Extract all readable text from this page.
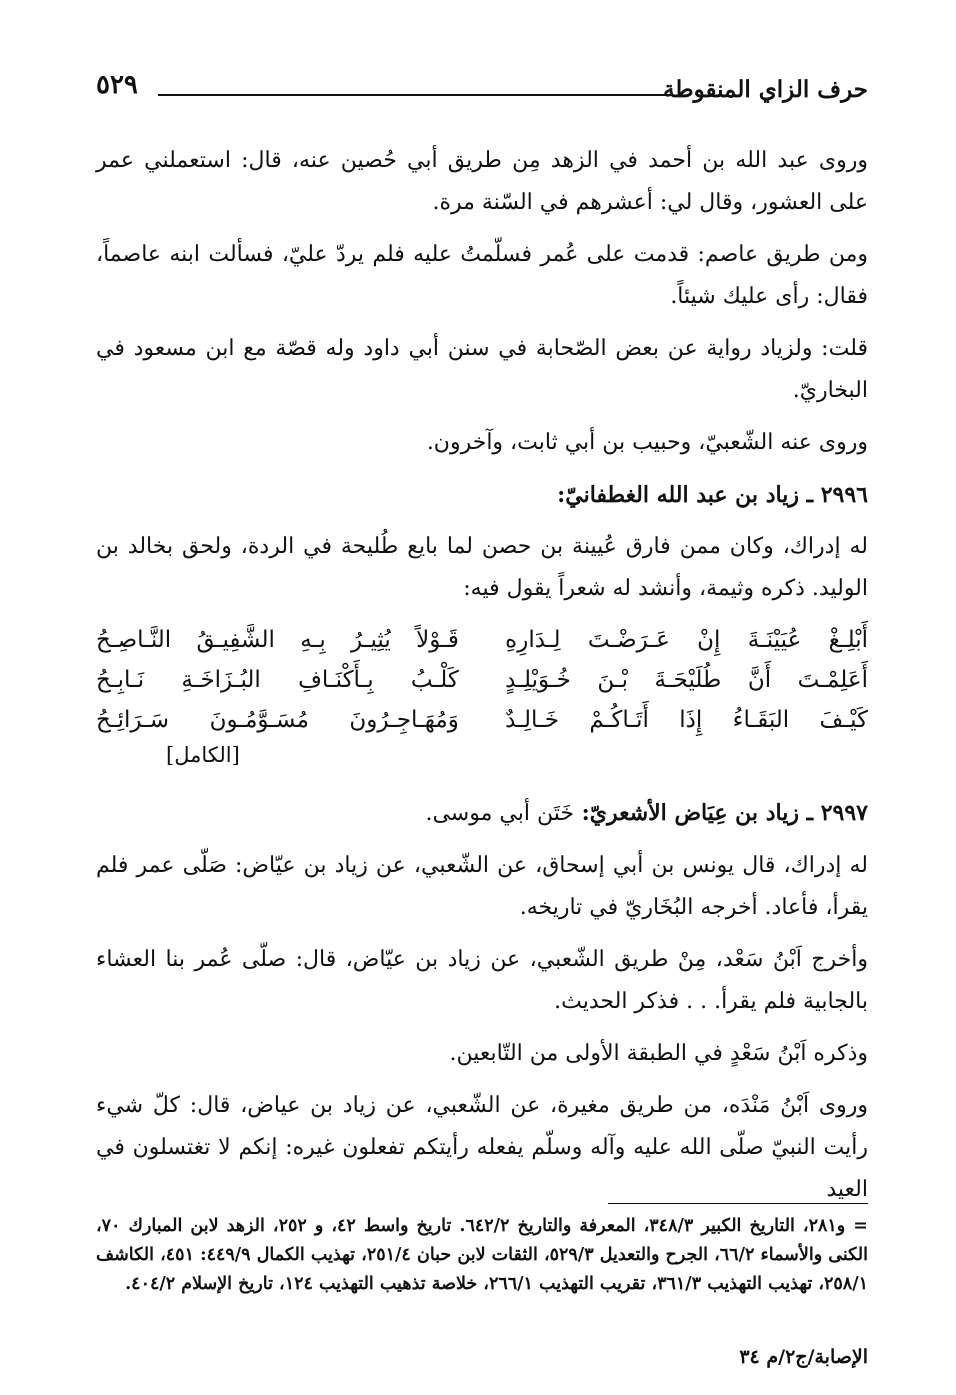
حرف الزاي المنقوطة
٥٢٩

وروى عبد الله بن أحمد في الزهد مِن طريق أبي حُصين عنه، قال: استعملني عمر على العشور، وقال لي: أعشرهم في السّنة مرة.

ومن طريق عاصم: قدمت على عُمر فسلّمتُ عليه فلم يردّ عليّ، فسألت ابنه عاصماً، فقال: رأى عليك شيئاً.

قلت: ولزياد رواية عن بعض الصّحابة في سنن أبي داود وله قصّة مع ابن مسعود في البخاريّ.

وروى عنه الشّعبيّ، وحبيب بن أبي ثابت، وآخرون.

٢٩٩٦ ـ زياد بن عبد الله الغطفانيّ:

له إدراك، وكان ممن فارق عُيينة بن حصن لما بايع طُليحة في الردة، ولحق بخالد بن الوليد. ذكره وثيمة، وأنشد له شعراً يقول فيه:

أَبْلِـغْ عُيَيْنَـةَ إِنْ عَـرَضْـتَ لِـدَارِهِ
قَـوْلاً يُثِيـرُ بِـهِ الشَّفِيـقُ النَّـاصِـحُ
أَعَلِمْـتَ أَنَّ طُلَيْحَـةَ بْـنَ خُـوَيْلِـدٍ
كَلْـبُ بِـأَكْنَـافِ البُـزَاخَـةِ نَـابِـحُ
كَيْـفَ البَقَـاءُ إِذَا أَتَـاكُـمْ خَـالِـدٌ
وَمُهَـاجِـرُونَ مُسَـوَّمُـونَ سَـرَائِـحُ
[الكامل]
٢٩٩٧ ـ زياد بن عِيَاض الأشعريّ: خَتَن أبي موسى.

له إدراك، قال يونس بن أبي إسحاق، عن الشّعبي، عن زياد بن عيّاض: صَلّى عمر فلم يقرأ، فأعاد. أخرجه البُخَاريّ في تاريخه.

وأخرج اَبْنُ سَعْد، مِنْ طريق الشّعبي، عن زياد بن عيّاض، قال: صلّى عُمر بنا العشاء بالجابية فلم يقرأ. . . فذكر الحديث.

وذكره اَبْنُ سَعْدٍ في الطبقة الأولى من التّابعين.

وروى اَبْنُ مَنْدَه، من طريق مغيرة، عن الشّعبي، عن زياد بن عياض، قال: كلّ شيء رأيت النبيّ صلّى الله عليه وآله وسلّم يفعله رأيتكم تفعلون غيره: إنكم لا تغتسلون في العيد

= و٢٨١، التاريخ الكبير ٣٤٨/٣، المعرفة والتاريخ ٦٤٢/٢. تاريخ واسط ٤٢، و ٢٥٢، الزهد لابن المبارك ٧٠، الكنى والأسماء ٦٦/٢، الجرح والتعديل ٥٢٩/٣، الثقات لابن حبان ٢٥١/٤، تهذيب الكمال ٤٤٩/٩: ٤٥١، الكاشف ٢٥٨/١، تهذيب التهذيب ٣٦١/٣، تقريب التهذيب ٢٦٦/١، خلاصة تذهيب التهذيب ١٢٤، تاريخ الإسلام ٤٠٤/٢.
الإصابة/ج٢/م ٣٤
